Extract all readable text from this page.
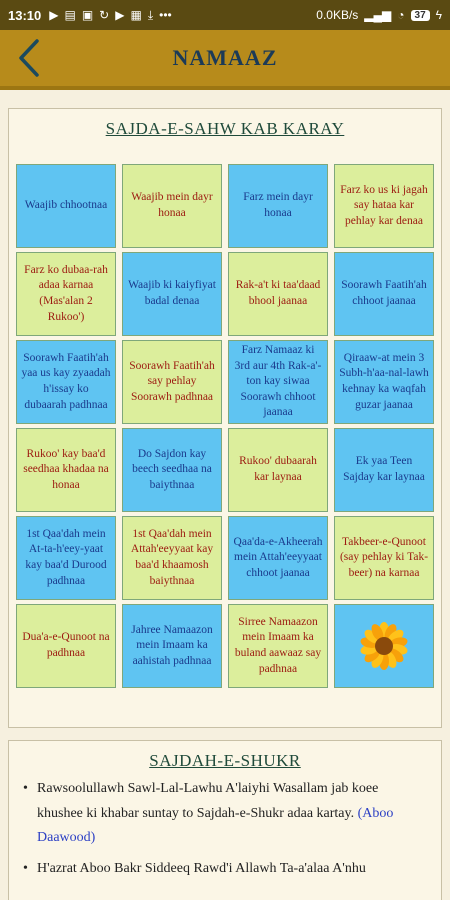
13:10 ▶ ▤ ▣ ↻ ▶ ▦ ⤓ •••	0.0KB/s ▂▄▆ ◔	37 ϟ
NAMAAZ
SAJDA-E-SAHW KAB KARAY
Waajib chhootnaa
Waajib mein dayr honaa
Farz mein dayr honaa
Farz ko us ki jagah say hataa kar pehlay kar denaa
Farz ko dubaa-rah adaa karnaa (Mas'alan 2 Rukoo')
Waajib ki kaiyfiyat badal denaa
Rak-a't ki taa'daad bhool jaanaa
Soorawh Faatih'ah chhoot jaanaa
Soorawh Faatih'ah yaa us kay zyaadah h'issay ko dubaarah padhnaa
Soorawh Faatih'ah say pehlay Soorawh padhnaa
Farz Namaaz ki 3rd aur 4th Rak-a'-ton kay siwaa Soorawh chhoot jaanaa
Qiraaw-at mein 3 Subh-h'aa-nal-lawh kehnay ka waqfah guzar jaanaa
Rukoo' kay baa'd seedhaa khadaa na honaa
Do Sajdon kay beech seedhaa na baiythnaa
Rukoo' dubaarah kar laynaa
Ek yaa Teen Sajday kar laynaa
1st Qaa'dah mein At-ta-h'eey-yaat kay baa'd Durood padhnaa
1st Qaa'dah mein Attah'eeyyaat kay baa'd khaamosh baiythnaa
Qaa'da-e-Akheerah mein Attah'eeyyaat chhoot jaanaa
Takbeer-e-Qunoot (say pehlay ki Tak-beer) na karnaa
Dua'a-e-Qunoot na padhnaa
Jahree Namaazon mein Imaam ka aahistah padhnaa
Sirree Namaazon mein Imaam ka buland aawaaz say padhnaa
SAJDAH-E-SHUKR
• Rawsoolullawh Sawl-Lal-Lawhu A'laiyhi Wasallam jab koee khushee ki khabar suntay to Sajdah-e-Shukr adaa kartay. (Aboo Daawood)
• H'azrat Aboo Bakr Siddeeq Rawd'i Allawh Ta-a'alaa A'nhu
